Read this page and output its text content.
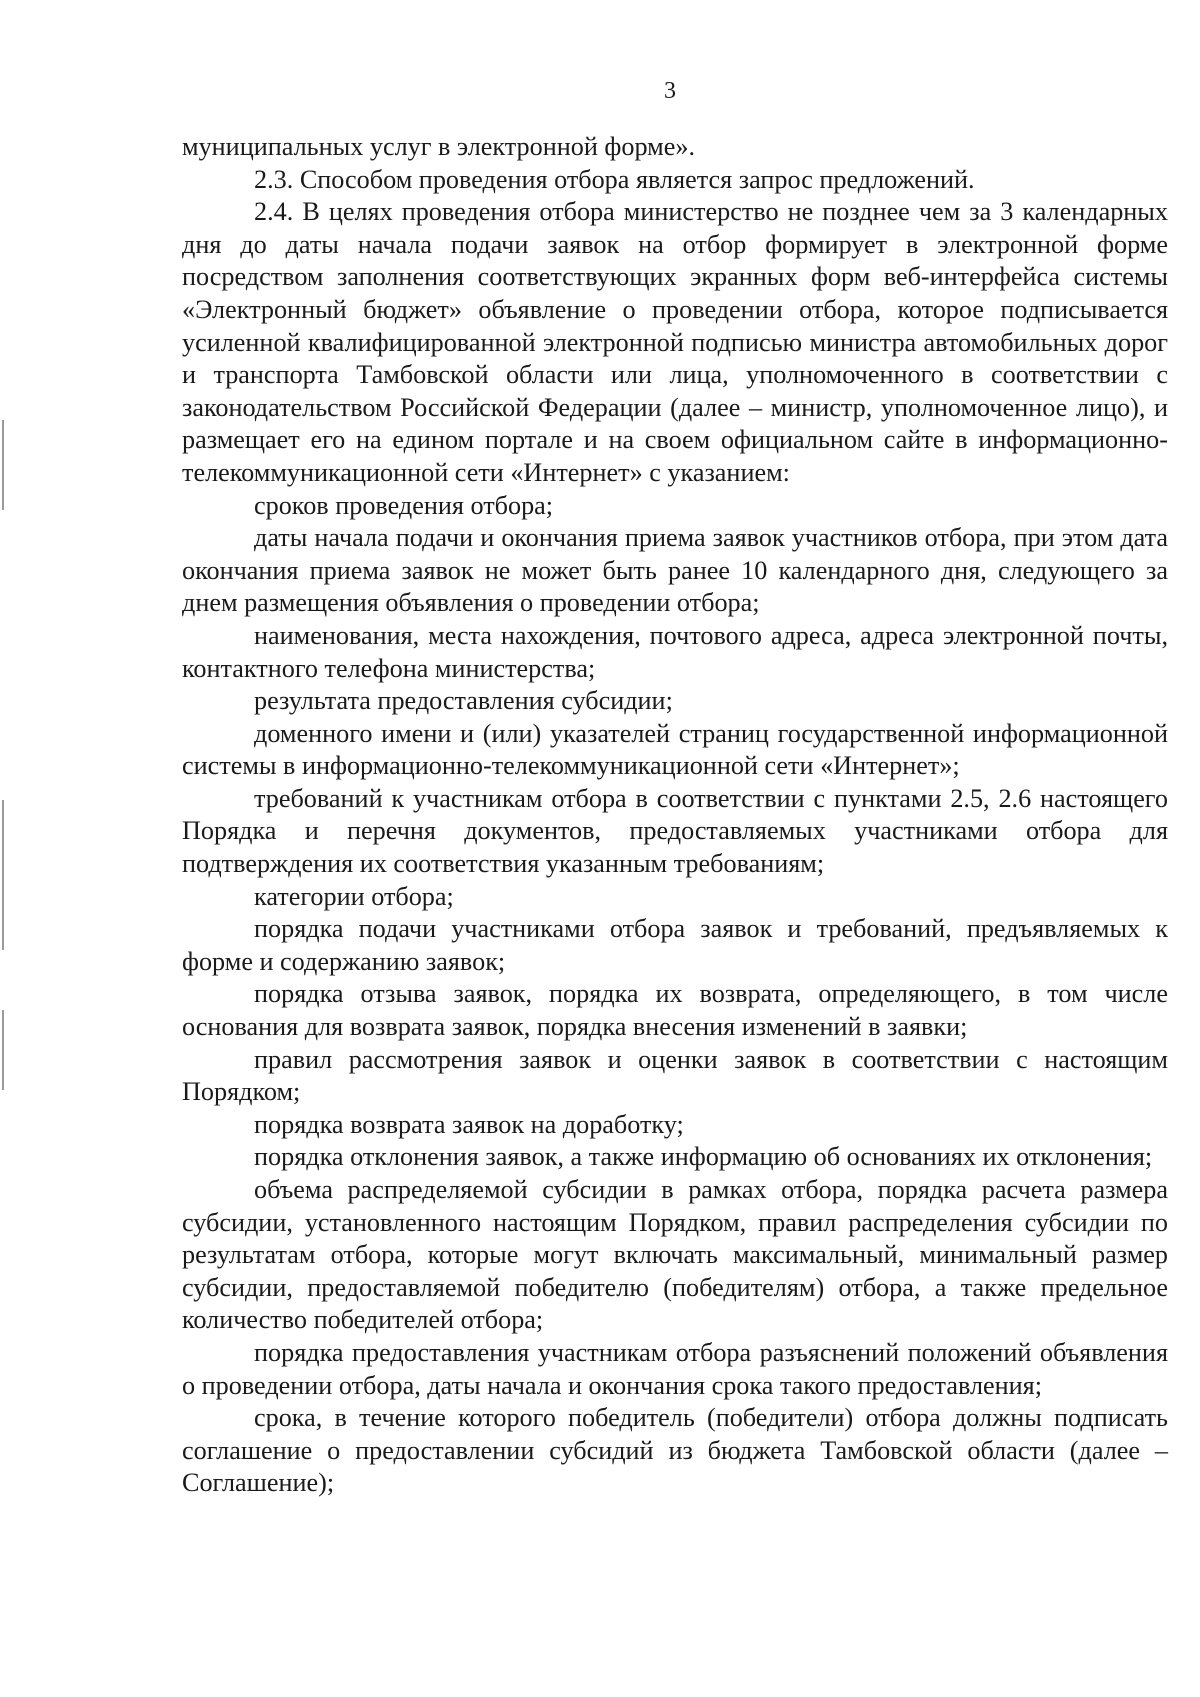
3

муниципальных услуг в электронной форме».

2.3. Способом проведения отбора является запрос предложений.

2.4. В целях проведения отбора министерство не позднее чем за 3 календарных дня до даты начала подачи заявок на отбор формирует в электронной форме посредством заполнения соответствующих экранных форм веб-интерфейса системы «Электронный бюджет» объявление о проведении отбора, которое подписывается усиленной квалифицированной электронной подписью министра автомобильных дорог и транспорта Тамбовской области или лица, уполномоченного в соответствии с законодательством Российской Федерации (далее – министр, уполномоченное лицо), и размещает его на едином портале и на своем официальном сайте в информационно-телекоммуникационной сети «Интернет» с указанием:

сроков проведения отбора;

даты начала подачи и окончания приема заявок участников отбора, при этом дата окончания приема заявок не может быть ранее 10 календарного дня, следующего за днем размещения объявления о проведении отбора;

наименования, места нахождения, почтового адреса, адреса электронной почты, контактного телефона министерства;

результата предоставления субсидии;

доменного имени и (или) указателей страниц государственной информационной системы в информационно-телекоммуникационной сети «Интернет»;

требований к участникам отбора в соответствии с пунктами 2.5, 2.6 настоящего Порядка и перечня документов, предоставляемых участниками отбора для подтверждения их соответствия указанным требованиям;

категории отбора;

порядка подачи участниками отбора заявок и требований, предъявляемых к форме и содержанию заявок;

порядка отзыва заявок, порядка их возврата, определяющего, в том числе основания для возврата заявок, порядка внесения изменений в заявки;

правил рассмотрения заявок и оценки заявок в соответствии с настоящим Порядком;

порядка возврата заявок на доработку;

порядка отклонения заявок, а также информацию об основаниях их отклонения;

объема распределяемой субсидии в рамках отбора, порядка расчета размера субсидии, установленного настоящим Порядком, правил распределения субсидии по результатам отбора, которые могут включать максимальный, минимальный размер субсидии, предоставляемой победителю (победителям) отбора, а также предельное количество победителей отбора;

порядка предоставления участникам отбора разъяснений положений объявления о проведении отбора, даты начала и окончания срока такого предоставления;

срока, в течение которого победитель (победители) отбора должны подписать соглашение о предоставлении субсидий из бюджета Тамбовской области (далее – Соглашение);
